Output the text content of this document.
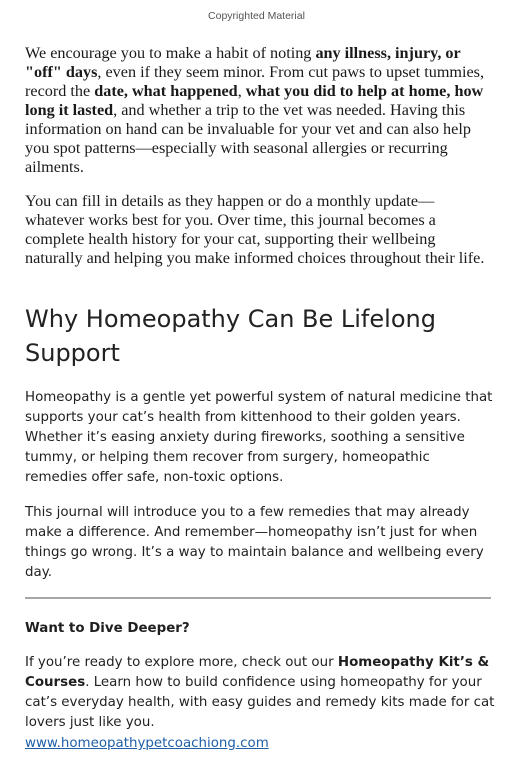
Copyrighted Material

We encourage you to make a habit of noting any illness, injury, or "off" days, even if they seem minor. From cut paws to upset tummies, record the date, what happened, what you did to help at home, how long it lasted, and whether a trip to the vet was needed. Having this information on hand can be invaluable for your vet and can also help you spot patterns—especially with seasonal allergies or recurring ailments.

You can fill in details as they happen or do a monthly update—whatever works best for you. Over time, this journal becomes a complete health history for your cat, supporting their wellbeing naturally and helping you make informed choices throughout their life.

Why Homeopathy Can Be Lifelong Support

Homeopathy is a gentle yet powerful system of natural medicine that supports your cat’s health from kittenhood to their golden years. Whether it’s easing anxiety during fireworks, soothing a sensitive tummy, or helping them recover from surgery, homeopathic remedies offer safe, non-toxic options.

This journal will introduce you to a few remedies that may already make a difference. And remember—homeopathy isn’t just for when things go wrong. It’s a way to maintain balance and wellbeing every day.

Want to Dive Deeper?

If you’re ready to explore more, check out our Homeopathy Kit’s & Courses. Learn how to build confidence using homeopathy for your cat’s everyday health, with easy guides and remedy kits made for cat lovers just like you.

www.homeopathypetcoachiong.com
